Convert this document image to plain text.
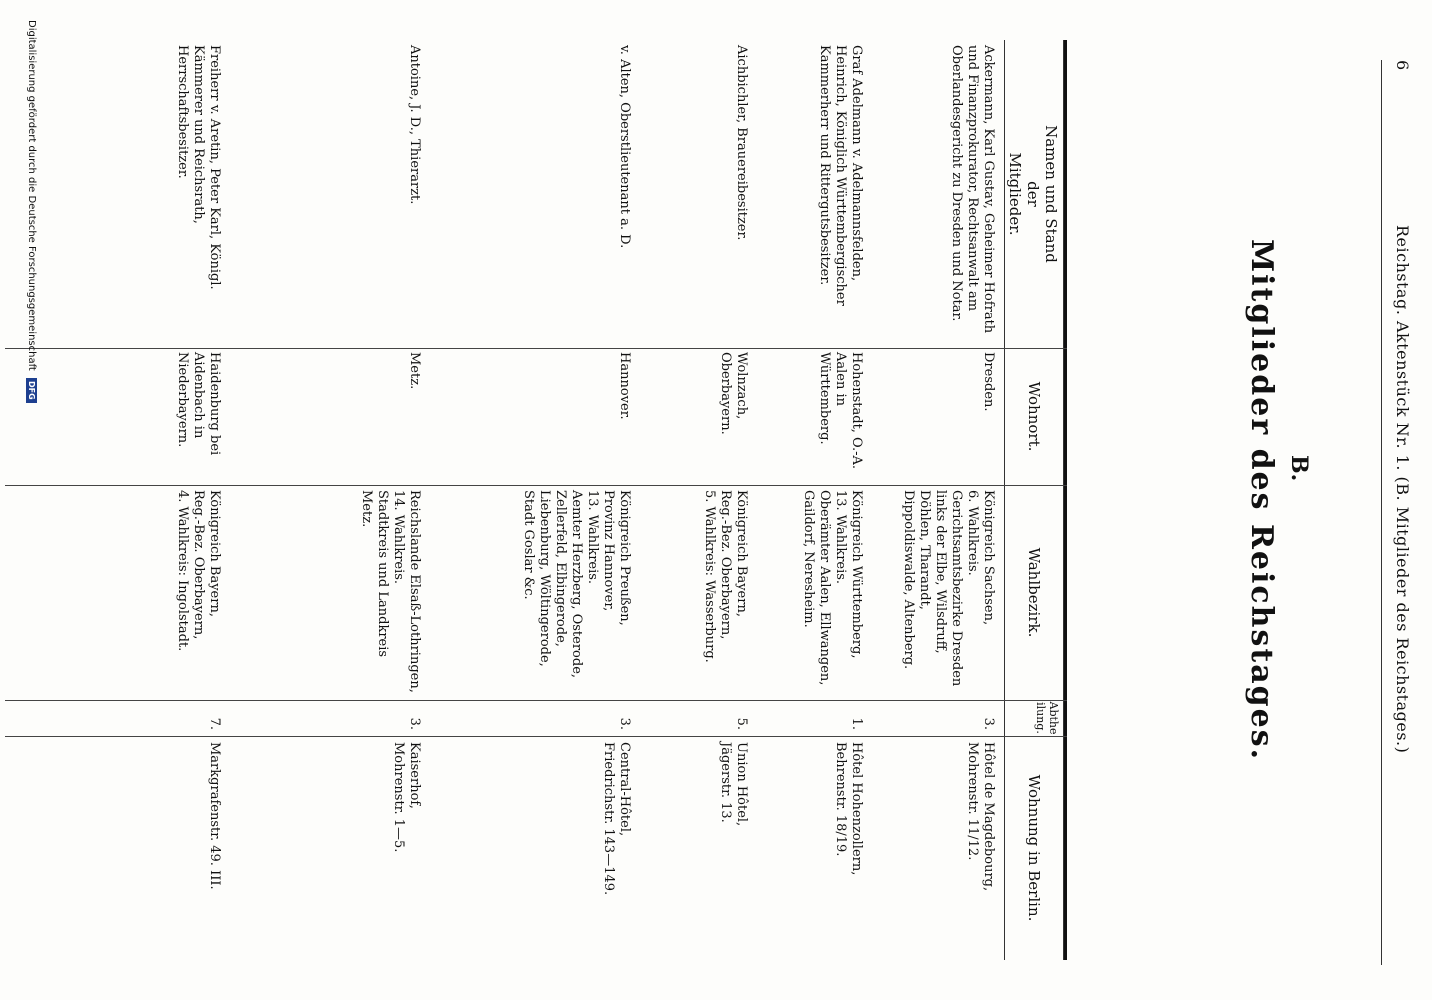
6
Reichstag. Aktenstück Nr. 1. (B. Mitglieder des Reichstages.)
B.
Mitglieder des Reichstages.
Namen und Stand
der
Mitglieder.
Wohnort.
Wahlbezirk.
Abtheilung.
Wohnung in Berlin.
Ackermann, Karl Gustav, Geheimer Hofrath und Finanzprokurator, Rechtsanwalt am Oberlandesgericht zu Dresden und Notar.
Dresden.
Königreich Sachsen,
6. Wahlkreis.
Gerichtsamtsbezirke Dresden links der Elbe, Wilsdruff, Döhlen, Tharandt, Dippoldiswalde, Altenberg.
3.
Hôtel de Magdebourg,
Mohrenstr. 11/12.
Graf Adelmann v. Adelmannsfelden, Heinrich, Königlich Württembergischer Kammerherr und Rittergutsbesitzer.
Hohenstadt, O.-A. Aalen in Württemberg.
Königreich Württemberg,
13. Wahlkreis.
Oberämter Aalen, Ellwangen, Gaildorf, Neresheim.
1.
Hôtel Hohenzollern,
Behrenstr. 18/19.
Aichbichler, Brauereibesitzer.
Wolnzach, Oberbayern.
Königreich Bayern,
Reg.-Bez. Oberbayern,
5. Wahlkreis: Wasserburg.
5.
Union Hôtel,
Jägerstr. 13.
v. Alten, Oberstlieutenant a. D.
Hannover.
Königreich Preußen,
Provinz Hannover,
13. Wahlkreis.
Aemter Herzberg, Osterode, Zellerfeld, Elbingerode, Liebenburg, Wöltingerode, Stadt Goslar &c.
3.
Central-Hôtel,
Friedrichstr. 143—149.
Antoine, J. D., Thierarzt.
Metz.
Reichslande Elsaß-Lothringen,
14. Wahlkreis.
Stadtkreis und Landkreis Metz.
3.
Kaiserhof,
Mohrenstr. 1—5.
Freiherr v. Aretin, Peter Karl, Königl. Kämmerer und Reichsrath, Herrschaftsbesitzer.
Haidenburg bei Aidenbach in Niederbayern.
Königreich Bayern,
Reg.-Bez. Oberbayern,
4. Wahlkreis: Ingolstadt.
7.
Markgrafenstr. 49. III.
Digitalisierung gefördert durch die Deutsche Forschungsgemeinschaft DFG
